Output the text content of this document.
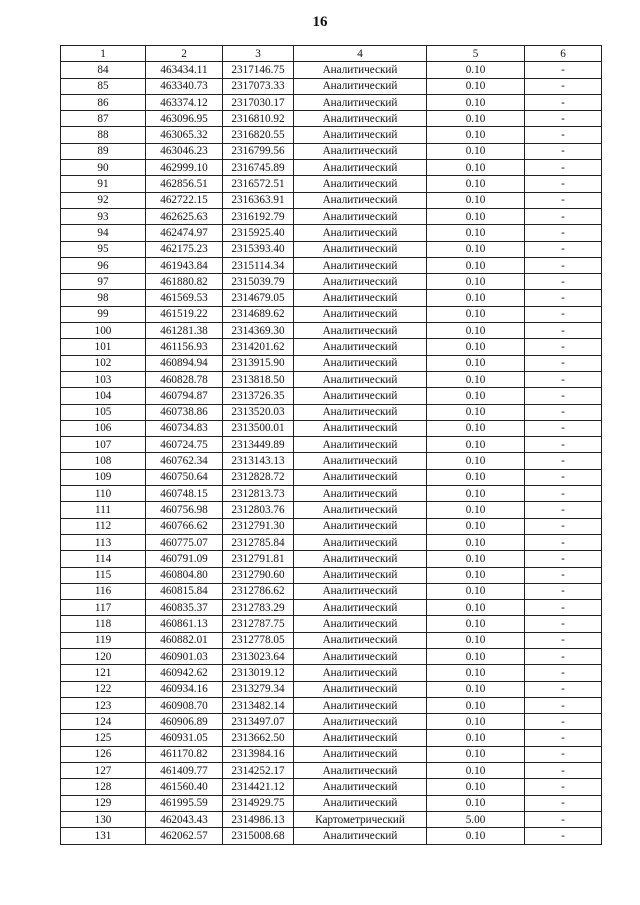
16
1	2	3	4	5	6
84	463434.11	2317146.75	Аналитический	0.10	-
85	463340.73	2317073.33	Аналитический	0.10	-
86	463374.12	2317030.17	Аналитический	0.10	-
87	463096.95	2316810.92	Аналитический	0.10	-
88	463065.32	2316820.55	Аналитический	0.10	-
89	463046.23	2316799.56	Аналитический	0.10	-
90	462999.10	2316745.89	Аналитический	0.10	-
91	462856.51	2316572.51	Аналитический	0.10	-
92	462722.15	2316363.91	Аналитический	0.10	-
93	462625.63	2316192.79	Аналитический	0.10	-
94	462474.97	2315925.40	Аналитический	0.10	-
95	462175.23	2315393.40	Аналитический	0.10	-
96	461943.84	2315114.34	Аналитический	0.10	-
97	461880.82	2315039.79	Аналитический	0.10	-
98	461569.53	2314679.05	Аналитический	0.10	-
99	461519.22	2314689.62	Аналитический	0.10	-
100	461281.38	2314369.30	Аналитический	0.10	-
101	461156.93	2314201.62	Аналитический	0.10	-
102	460894.94	2313915.90	Аналитический	0.10	-
103	460828.78	2313818.50	Аналитический	0.10	-
104	460794.87	2313726.35	Аналитический	0.10	-
105	460738.86	2313520.03	Аналитический	0.10	-
106	460734.83	2313500.01	Аналитический	0.10	-
107	460724.75	2313449.89	Аналитический	0.10	-
108	460762.34	2313143.13	Аналитический	0.10	-
109	460750.64	2312828.72	Аналитический	0.10	-
110	460748.15	2312813.73	Аналитический	0.10	-
111	460756.98	2312803.76	Аналитический	0.10	-
112	460766.62	2312791.30	Аналитический	0.10	-
113	460775.07	2312785.84	Аналитический	0.10	-
114	460791.09	2312791.81	Аналитический	0.10	-
115	460804.80	2312790.60	Аналитический	0.10	-
116	460815.84	2312786.62	Аналитический	0.10	-
117	460835.37	2312783.29	Аналитический	0.10	-
118	460861.13	2312787.75	Аналитический	0.10	-
119	460882.01	2312778.05	Аналитический	0.10	-
120	460901.03	2313023.64	Аналитический	0.10	-
121	460942.62	2313019.12	Аналитический	0.10	-
122	460934.16	2313279.34	Аналитический	0.10	-
123	460908.70	2313482.14	Аналитический	0.10	-
124	460906.89	2313497.07	Аналитический	0.10	-
125	460931.05	2313662.50	Аналитический	0.10	-
126	461170.82	2313984.16	Аналитический	0.10	-
127	461409.77	2314252.17	Аналитический	0.10	-
128	461560.40	2314421.12	Аналитический	0.10	-
129	461995.59	2314929.75	Аналитический	0.10	-
130	462043.43	2314986.13	Картометрический	5.00	-
131	462062.57	2315008.68	Аналитический	0.10	-
